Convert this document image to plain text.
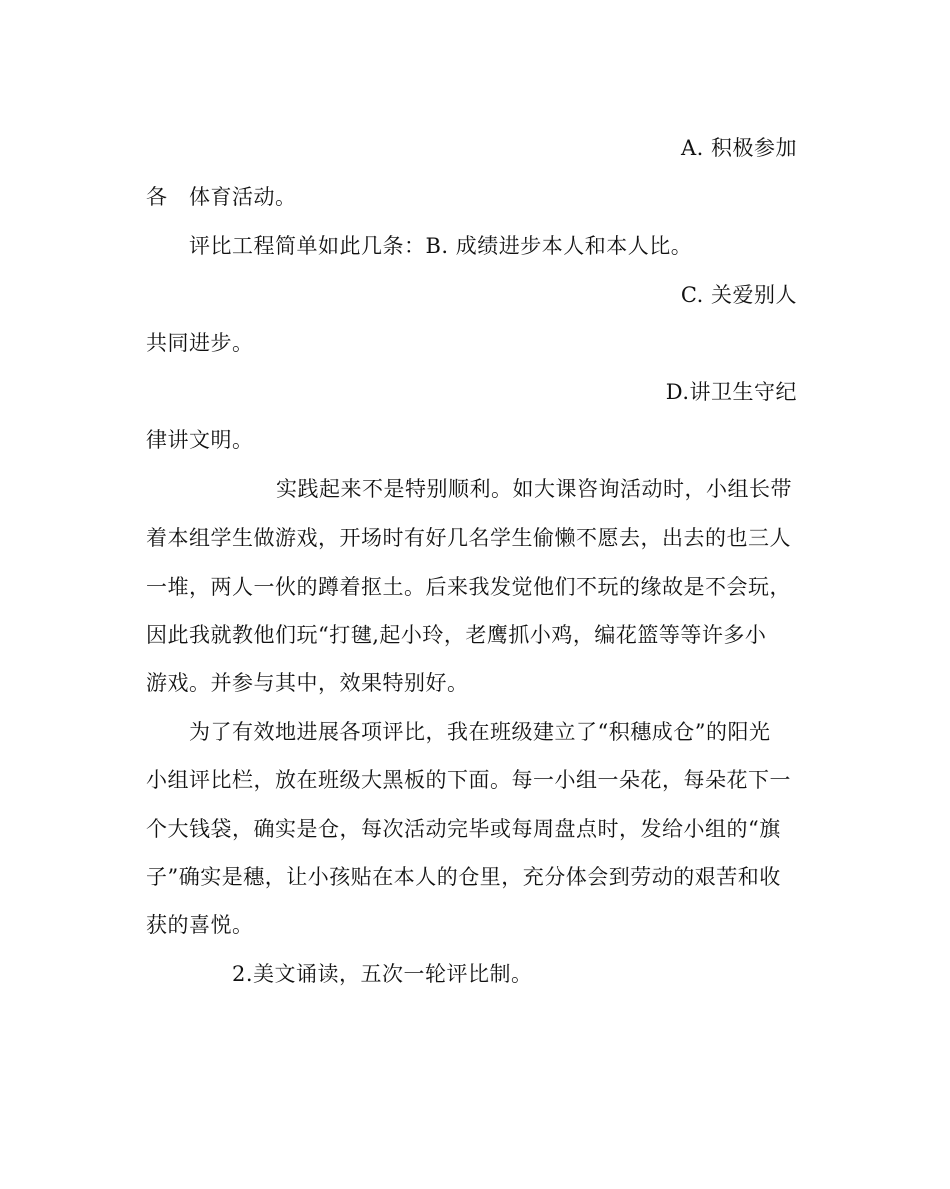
A. 积极参加
各　体育活动。
评比工程简单如此几条：B. 成绩进步本人和本人比。
C. 关爱别人
共同进步。
D.讲卫生守纪
律讲文明。
实践起来不是特别顺利。如大课咨询活动时，小组长带
着本组学生做游戏，开场时有好几名学生偷懒不愿去，出去的也三人
一堆，两人一伙的蹲着抠土。后来我发觉他们不玩的缘故是不会玩，
因此我就教他们玩“打毽,起小玲，老鹰抓小鸡，编花篮等等许多小
游戏。并参与其中，效果特别好。
为了有效地进展各项评比，我在班级建立了“积穗成仓”的阳光
小组评比栏，放在班级大黑板的下面。每一小组一朵花，每朵花下一
个大钱袋，确实是仓，每次活动完毕或每周盘点时，发给小组的“旗
子”确实是穗，让小孩贴在本人的仓里，充分体会到劳动的艰苦和收
获的喜悦。
2.美文诵读，五次一轮评比制。
